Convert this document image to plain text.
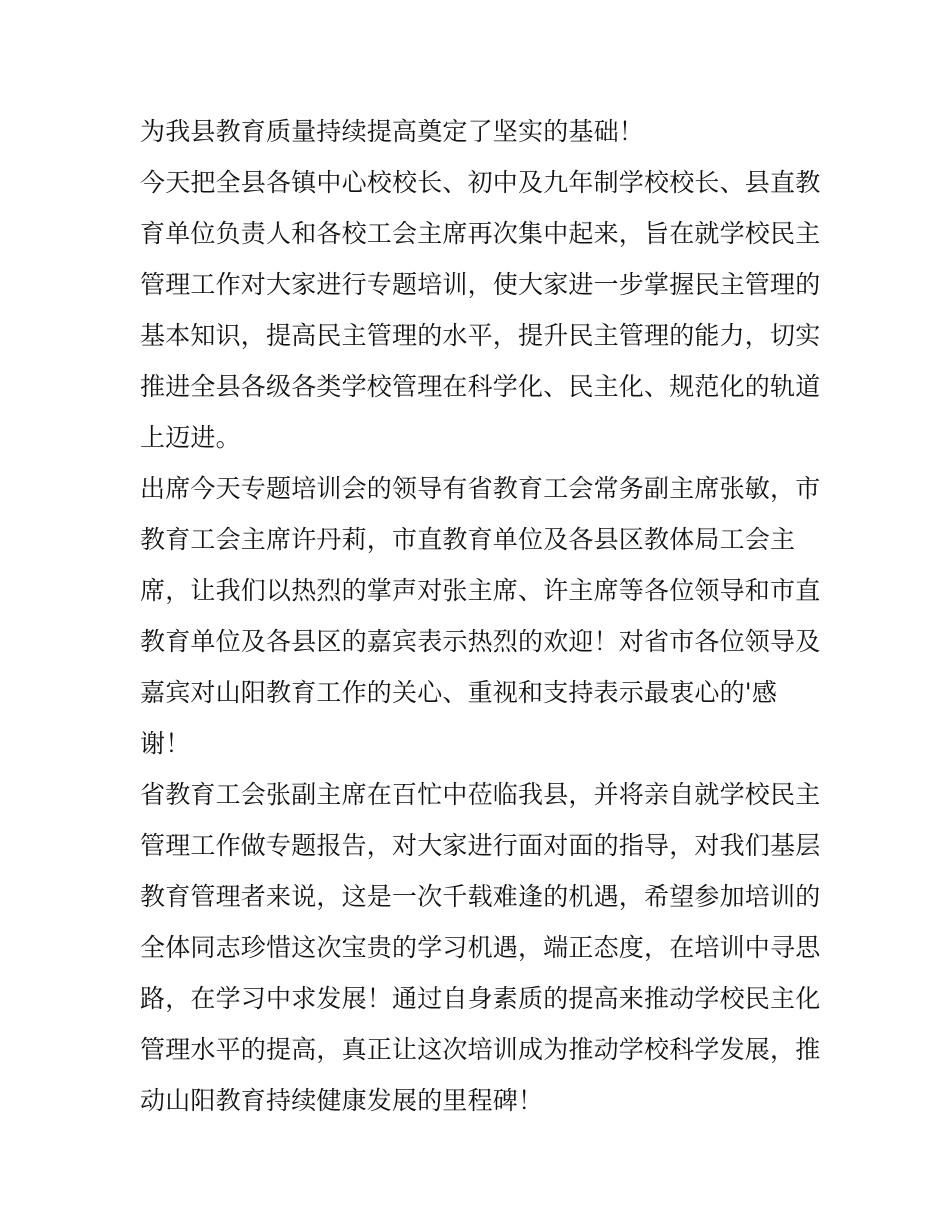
为我县教育质量持续提高奠定了坚实的基础！
今天把全县各镇中心校校长、初中及九年制学校校长、县直教
育单位负责人和各校工会主席再次集中起来，旨在就学校民主
管理工作对大家进行专题培训，使大家进一步掌握民主管理的
基本知识，提高民主管理的水平，提升民主管理的能力，切实
推进全县各级各类学校管理在科学化、民主化、规范化的轨道
上迈进。
出席今天专题培训会的领导有省教育工会常务副主席张敏，市
教育工会主席许丹莉，市直教育单位及各县区教体局工会主
席，让我们以热烈的掌声对张主席、许主席等各位领导和市直
教育单位及各县区的嘉宾表示热烈的欢迎！对省市各位领导及
嘉宾对山阳教育工作的关心、重视和支持表示最衷心的'感
谢！
省教育工会张副主席在百忙中莅临我县，并将亲自就学校民主
管理工作做专题报告，对大家进行面对面的指导，对我们基层
教育管理者来说，这是一次千载难逢的机遇，希望参加培训的
全体同志珍惜这次宝贵的学习机遇，端正态度，在培训中寻思
路，在学习中求发展！通过自身素质的提高来推动学校民主化
管理水平的提高，真正让这次培训成为推动学校科学发展，推
动山阳教育持续健康发展的里程碑！
